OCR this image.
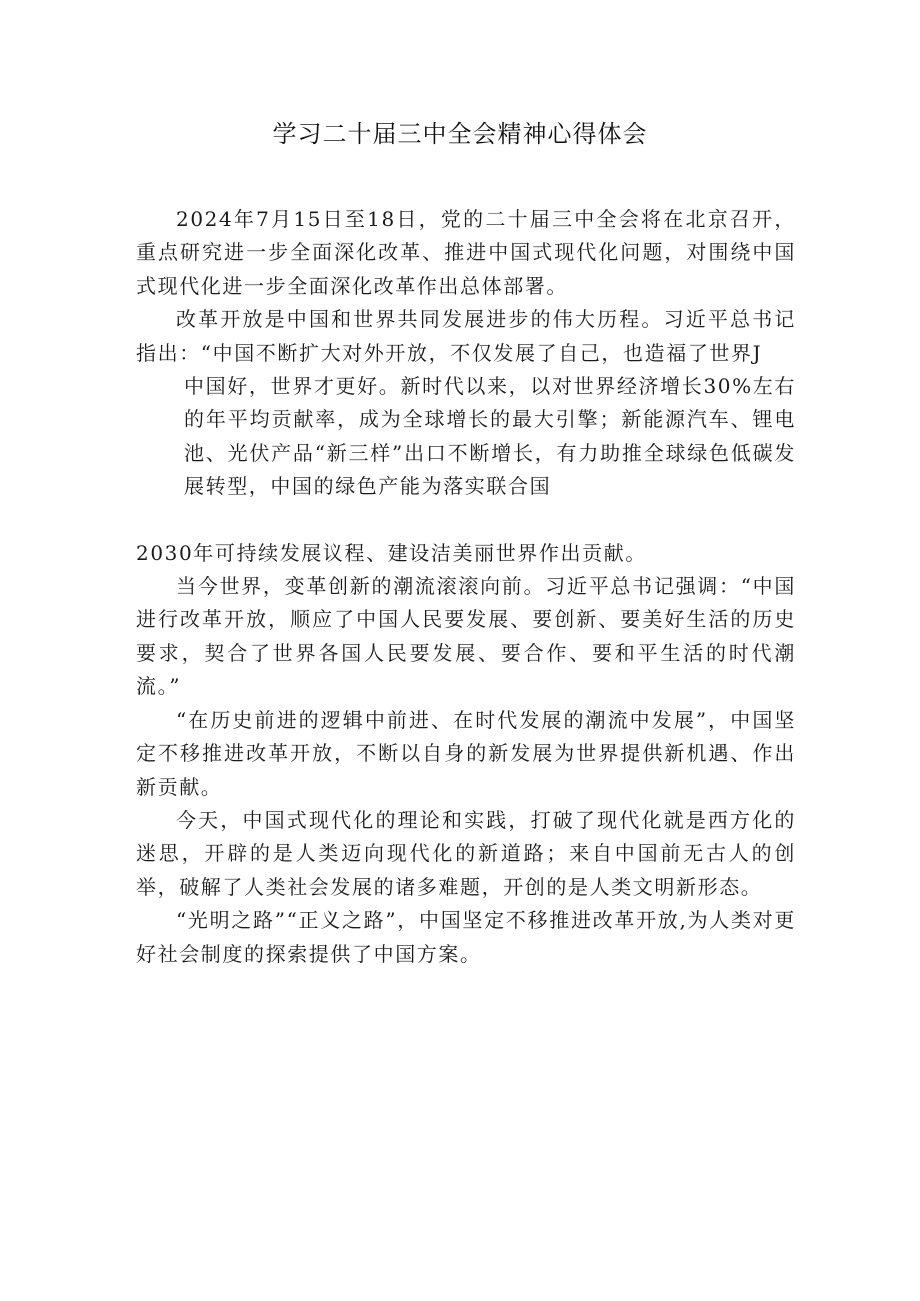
学习二十届三中全会精神心得体会

2024年7月15日至18日，党的二十届三中全会将在北京召开，重点研究进一步全面深化改革、推进中国式现代化问题，对围绕中国式现代化进一步全面深化改革作出总体部署。

改革开放是中国和世界共同发展进步的伟大历程。习近平总书记指出：“中国不断扩大对外开放，不仅发展了自己，也造福了世界J

中国好，世界才更好。新时代以来，以对世界经济增长30%左右的年平均贡献率，成为全球增长的最大引擎；新能源汽车、锂电池、光伏产品“新三样”出口不断增长，有力助推全球绿色低碳发展转型，中国的绿色产能为落实联合国

2030年可持续发展议程、建设洁美丽世界作出贡献。

当今世界，变革创新的潮流滚滚向前。习近平总书记强调：“中国进行改革开放，顺应了中国人民要发展、要创新、要美好生活的历史要求，契合了世界各国人民要发展、要合作、要和平生活的时代潮流。”

“在历史前进的逻辑中前进、在时代发展的潮流中发展”，中国坚定不移推进改革开放，不断以自身的新发展为世界提供新机遇、作出新贡献。

今天，中国式现代化的理论和实践，打破了现代化就是西方化的迷思，开辟的是人类迈向现代化的新道路；来自中国前无古人的创举，破解了人类社会发展的诸多难题，开创的是人类文明新形态。

“光明之路”“正义之路”，中国坚定不移推进改革开放,为人类对更好社会制度的探索提供了中国方案。
